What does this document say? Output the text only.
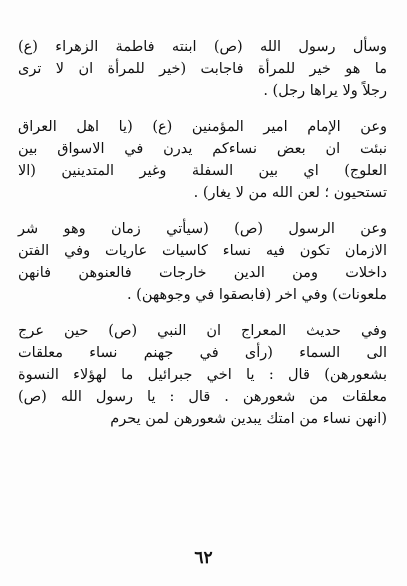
وسأل رسول الله (ص) ابنته فاطمة الزهراء (ع)
ما هو خير للمرأة فاجابت (خير للمرأة ان لا ترى
رجلاً ولا يراها رجل) .

وعن الإمام امير المؤمنين (ع) (يا اهل العراق
نبئت ان بعض نساءكم يدرن في الاسواق بين
العلوج) اي بين السفلة وغير المتدينين (الا
تستحيون ؛ لعن الله من لا يغار) .

وعن الرسول (ص) (سيأتي زمان وهو شر
الازمان تكون فيه نساء كاسيات عاريات وفي الفتن
داخلات ومن الدين خارجات فالعنوهن فانهن
ملعونات) وفي اخر (فابصقوا في وجوههن) .

وفي حديث المعراج ان النبي (ص) حين عرج
الى السماء (رأى في جهنم نساء معلقات
بشعورهن) قال : يا اخي جبرائيل ما لهؤلاء النسوة
معلقات من شعورهن . قال : يا رسول الله (ص)
(انهن نساء من امتك يبدين شعورهن لمن يحرم

٦٢
